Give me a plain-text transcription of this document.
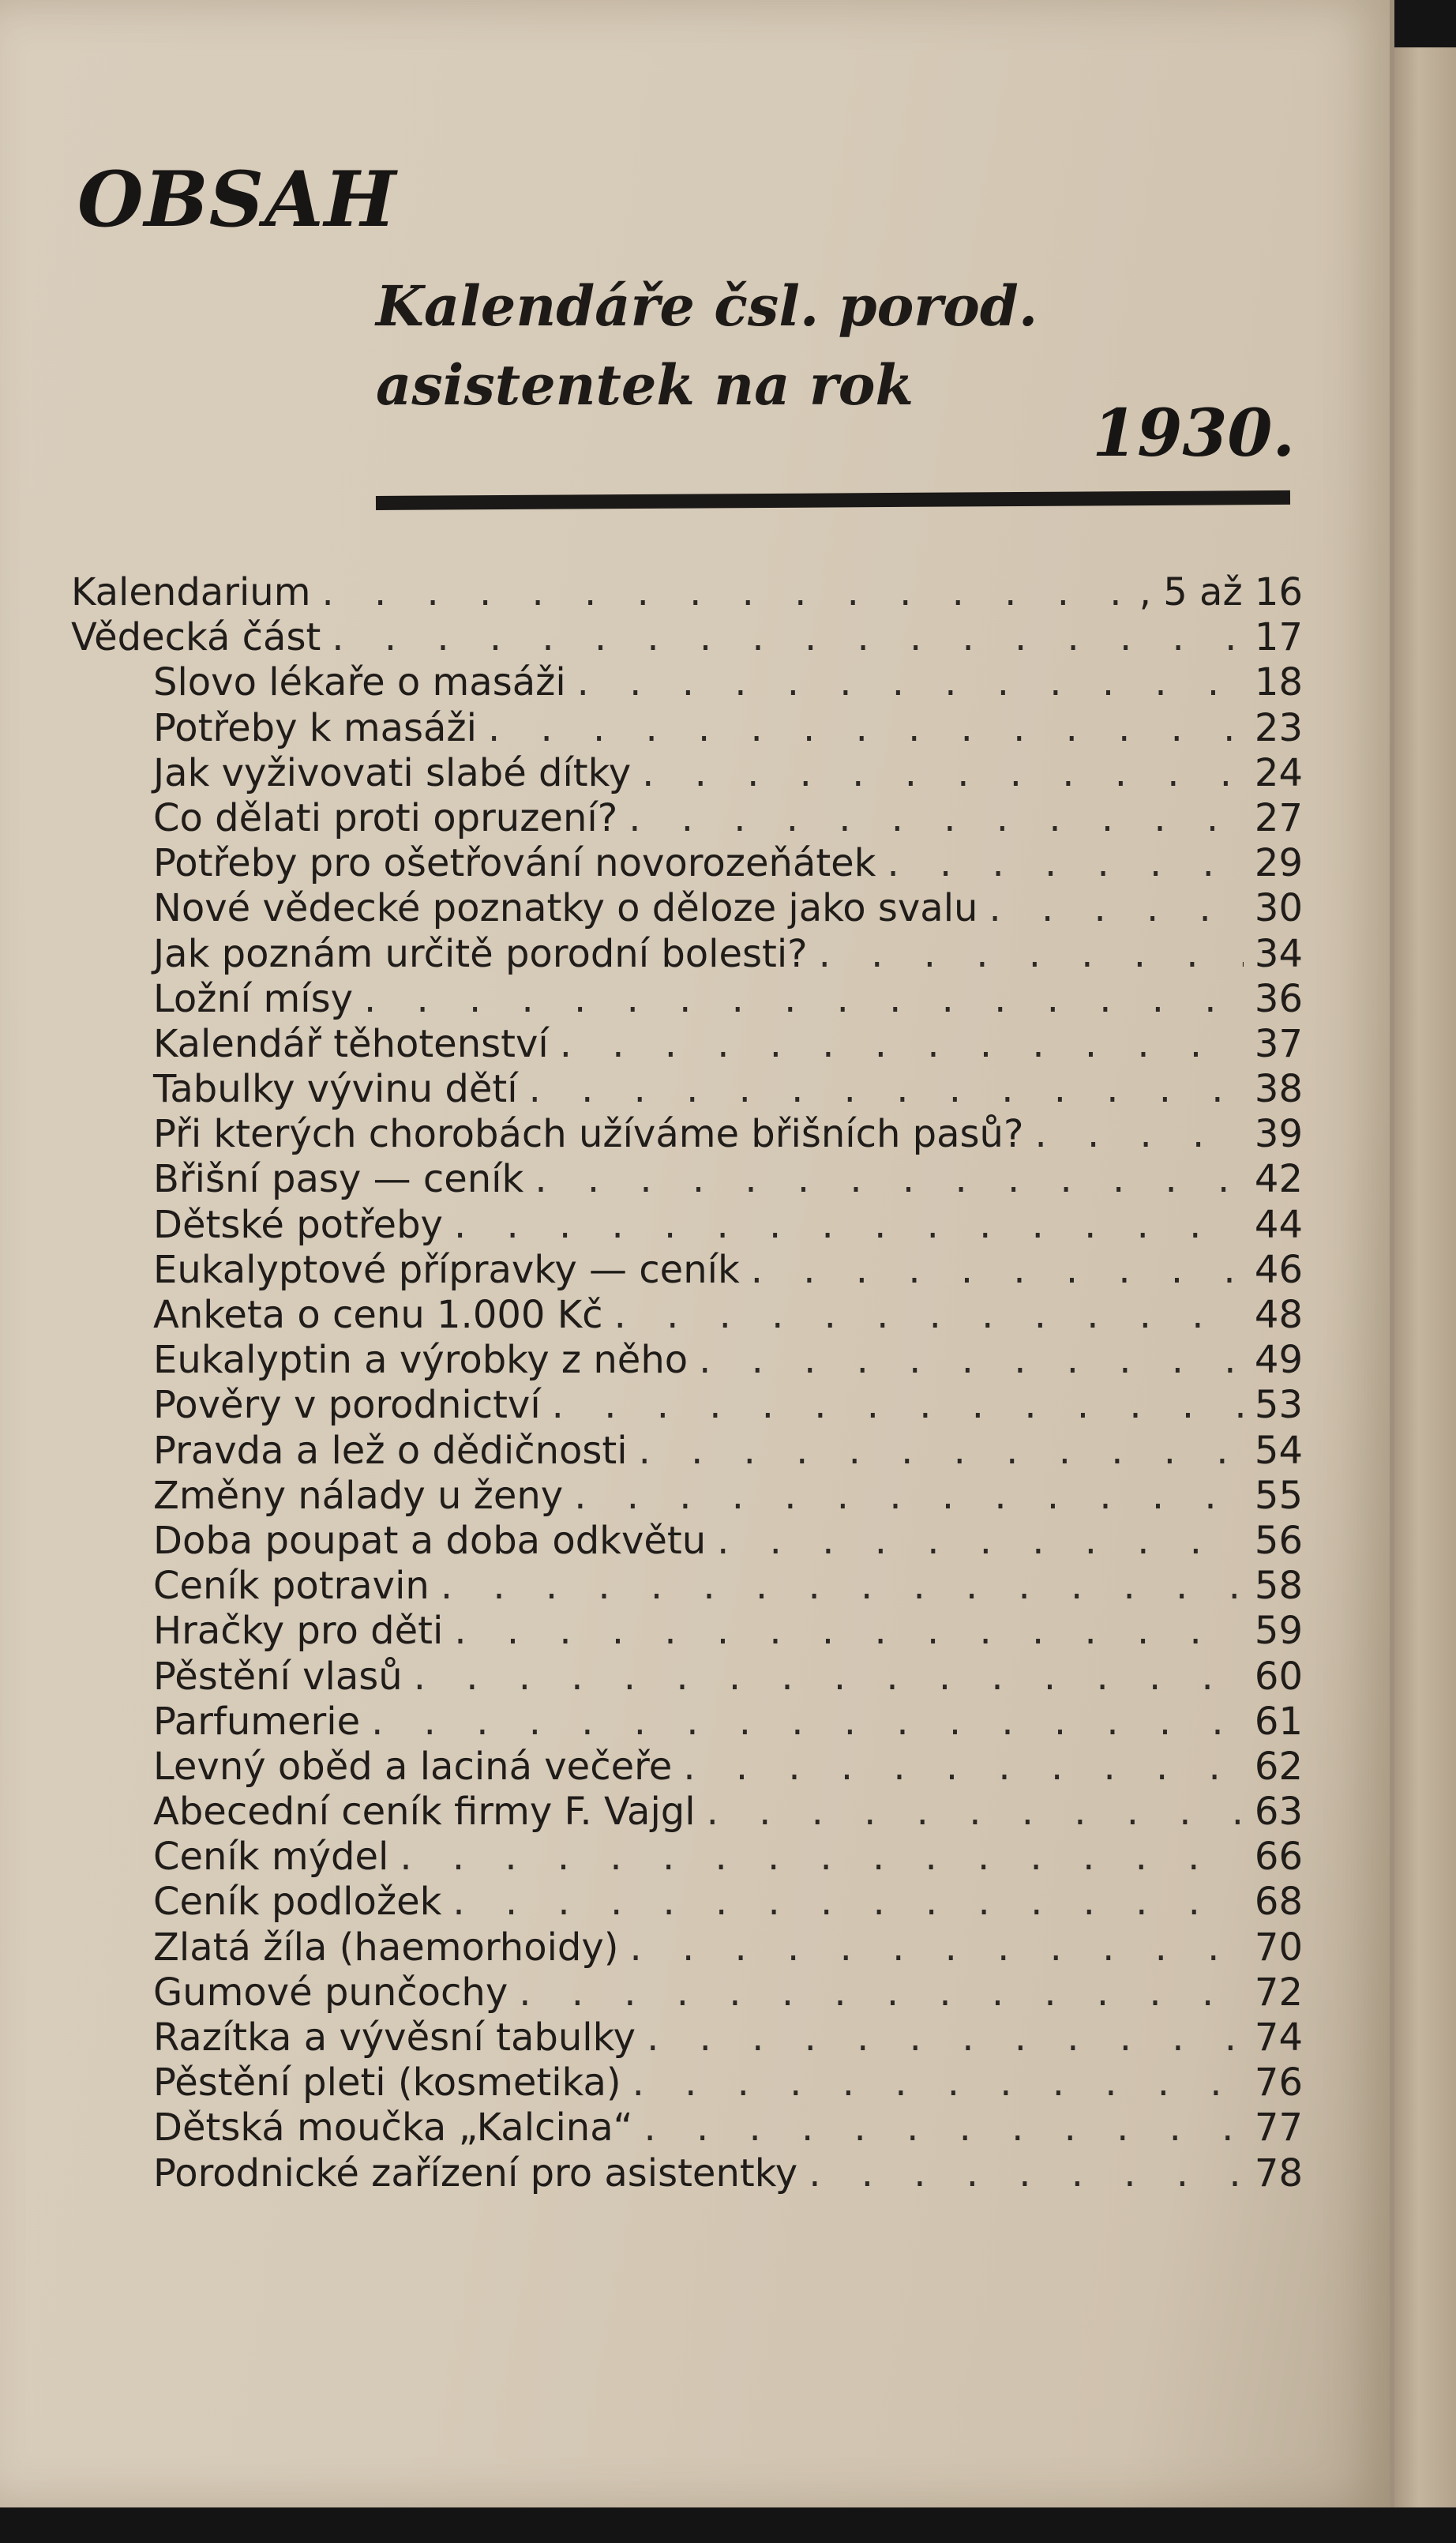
OBSAH
Kalendáře čsl. porod. asistentek na rok
1930.
Kalendarium . . .	, 5 až 16
Vědecká část . . .	17
Slovo lékaře o masáži . . .	18
Potřeby k masáži . . .	23
Jak vyživovati slabé dítky . . .	24
Co dělati proti opruzení? . . .	27
Potřeby pro ošetřování novorozeňátek . . .	29
Nové vědecké poznatky o děloze jako svalu . . .	30
Jak poznám určitě porodní bolesti? . . .	34
Ložní mísy . . .	36
Kalendář těhotenství . . .	37
Tabulky vývinu dětí . . .	38
Při kterých chorobách užíváme břišních pasů? . . .	39
Břišní pasy — ceník . . .	42
Dětské potřeby . . .	44
Eukalyptové přípravky — ceník . . .	46
Anketa o cenu 1.000 Kč . . .	48
Eukalyptin a výrobky z něho . . .	49
Pověry v porodnictví . . .	53
Pravda a lež o dědičnosti . . .	54
Změny nálady u ženy . . .	55
Doba poupat a doba odkvětu . . .	56
Ceník potravin . . .	58
Hračky pro děti . . .	59
Pěstění vlasů . . .	60
Parfumerie . . .	61
Levný oběd a laciná večeře . . .	62
Abecední ceník firmy F. Vajgl . . .	63
Ceník mýdel . . .	66
Ceník podložek . . .	68
Zlatá žíla (haemorhoidy) . . .	70
Gumové punčochy . . .	72
Razítka a vývěsní tabulky . . .	74
Pěstění pleti (kosmetika) . . .	76
Dětská moučka „Kalcina“ . . .	77
Porodnické zařízení pro asistentky . . .	78
